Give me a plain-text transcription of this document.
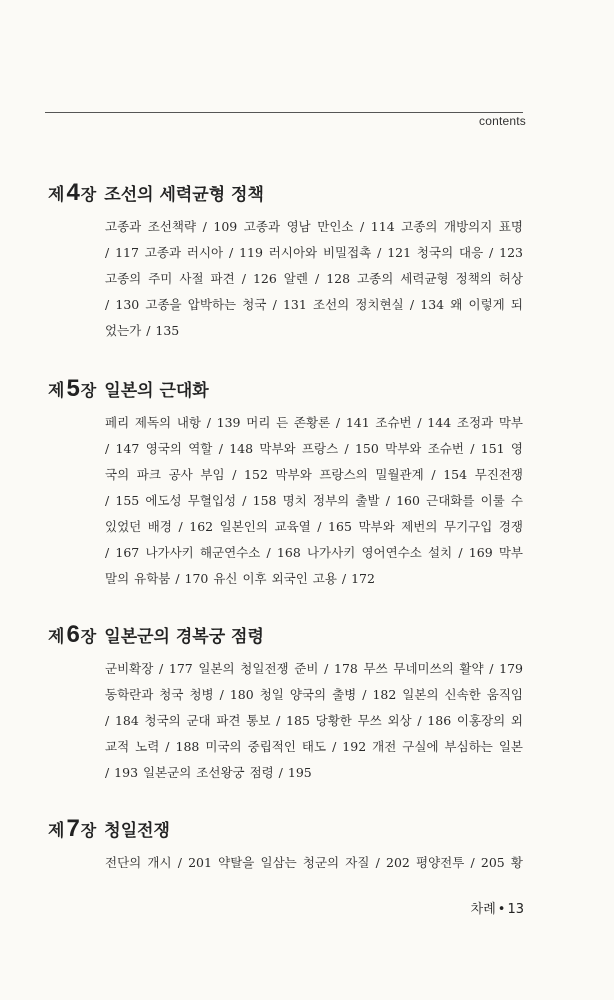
contents
제 4 장 조선의 세력균형 정책
고종과 조선책략 / 109 고종과 영남 만인소 / 114 고종의 개방의지 표명
/ 117 고종과 러시아 / 119 러시아와 비밀접촉 / 121 청국의 대응 / 123
고종의 주미 사절 파견 / 126 알렌 / 128 고종의 세력균형 정책의 허상
/ 130 고종을 압박하는 청국 / 131 조선의 정치현실 / 134 왜 이렇게 되
었는가 / 135
제 5 장 일본의 근대화
페리 제독의 내항 / 139 머리 든 존황론 / 141 조슈번 / 144 조정과 막부
/ 147 영국의 역할 / 148 막부와 프랑스 / 150 막부와 조슈번 / 151 영
국의 파크 공사 부임 / 152 막부와 프랑스의 밀월관계 / 154 무진전쟁
/ 155 에도성 무혈입성 / 158 명치 정부의 출발 / 160 근대화를 이룰 수
있었던 배경 / 162 일본인의 교육열 / 165 막부와 제번의 무기구입 경쟁
/ 167 나가사키 해군연수소 / 168 나가사키 영어연수소 설치 / 169 막부
말의 유학붐 / 170 유신 이후 외국인 고용 / 172
제 6 장 일본군의 경복궁 점령
군비확장 / 177 일본의 청일전쟁 준비 / 178 무쓰 무네미쓰의 활약 / 179
동학란과 청국 청병 / 180 청일 양국의 출병 / 182 일본의 신속한 움직임
/ 184 청국의 군대 파견 통보 / 185 당황한 무쓰 외상 / 186 이홍장의 외
교적 노력 / 188 미국의 중립적인 태도 / 192 개전 구실에 부심하는 일본
/ 193 일본군의 조선왕궁 점령 / 195
제 7 장 청일전쟁
전단의 개시 / 201 약탈을 일삼는 청군의 자질 / 202 평양전투 / 205 황
차례 • 13
